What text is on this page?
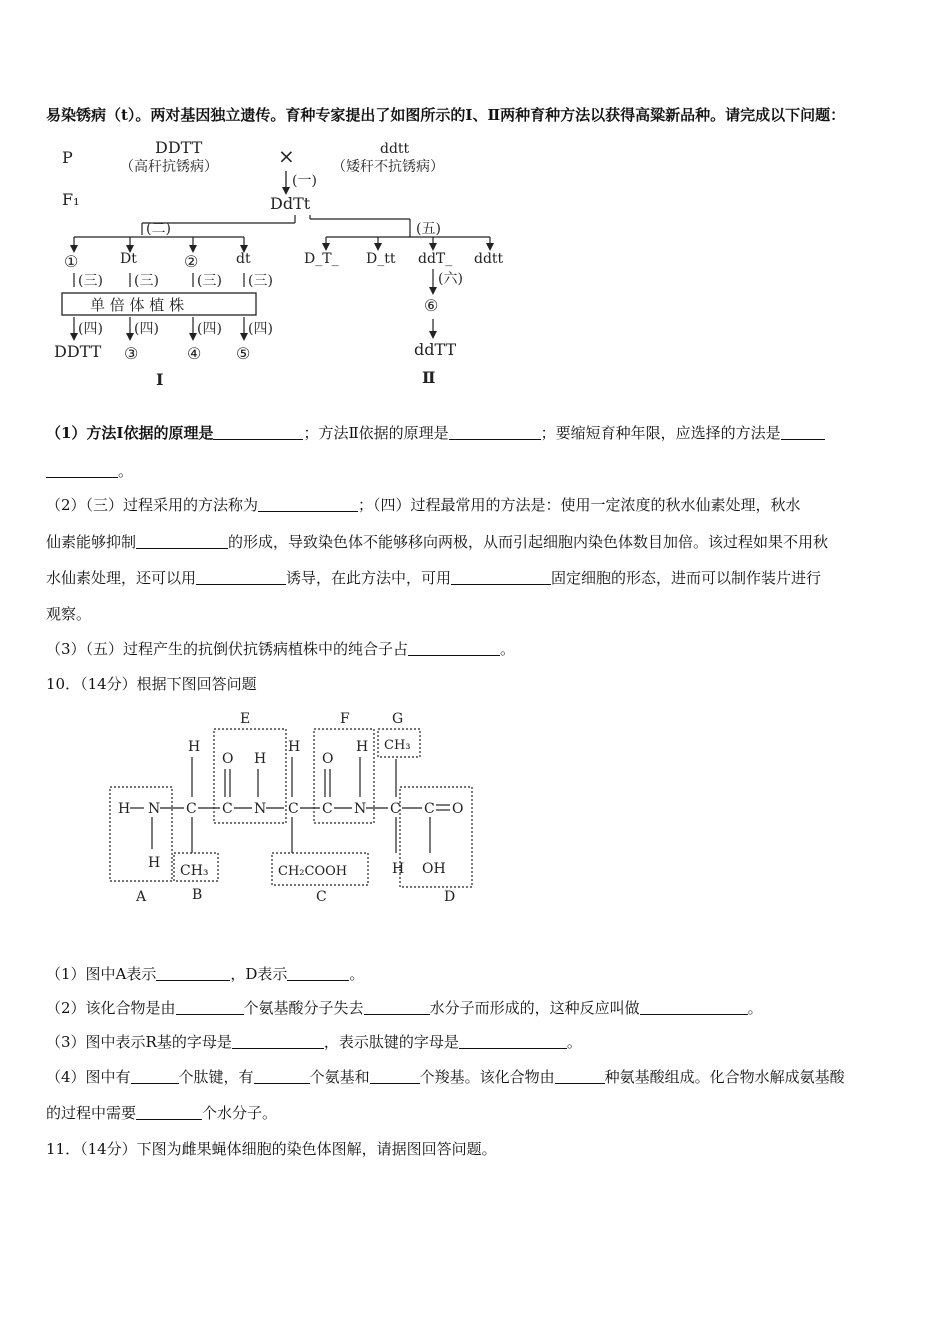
易染锈病（t）。两对基因独立遗传。育种专家提出了如图所示的Ⅰ、Ⅱ两种育种方法以获得高粱新品种。请完成以下问题：
P
F₁
DDTT
（高秆抗锈病）	×	ddtt
（矮秆不抗锈病）
(一)
DdTt
(二)
①	Dt	②	dt
(三) (三)	(三) (三)
单 倍 体 植 株
(四) (四)	(四) (四)
DDTT ③	④ ⑤
Ⅰ
(五)
D_T_ D_tt ddT_ ddtt
(六)
⑥
ddTT
Ⅱ
（1）方法Ⅰ依据的原理是	；方法Ⅱ依据的原理是	；要缩短育种年限，应选择的方法是
。
（2）（三）过程采用的方法称为	；（四）过程最常用的方法是：使用一定浓度的秋水仙素处理，秋水
仙素能够抑制	的形成，导致染色体不能够移向两极，从而引起细胞内染色体数目加倍。该过程如果不用秋
水仙素处理，还可以用	诱导，在此方法中，可用	固定细胞的形态，进而可以制作装片进行
观察。
（3）（五）过程产生的抗倒伏抗锈病植株中的纯合子占	。
10．（14分）根据下图回答问题
A	B	C	D
E	F	G
H N C C N C C N C C O
H
H
CH₃
O H
H
CH₂COOH
O
H CH₃
H OH
（1）图中A表示	，D表示	。
（2）该化合物是由	个氨基酸分子失去	水分子而形成的，这种反应叫做	。
（3）图中表示R基的字母是	，表示肽键的字母是	。
（4）图中有	个肽键，有	个氨基和	个羧基。该化合物由	种氨基酸组成。化合物水解成氨基酸
的过程中需要	个水分子。
11．（14分）下图为雌果蝇体细胞的染色体图解，请据图回答问题。
